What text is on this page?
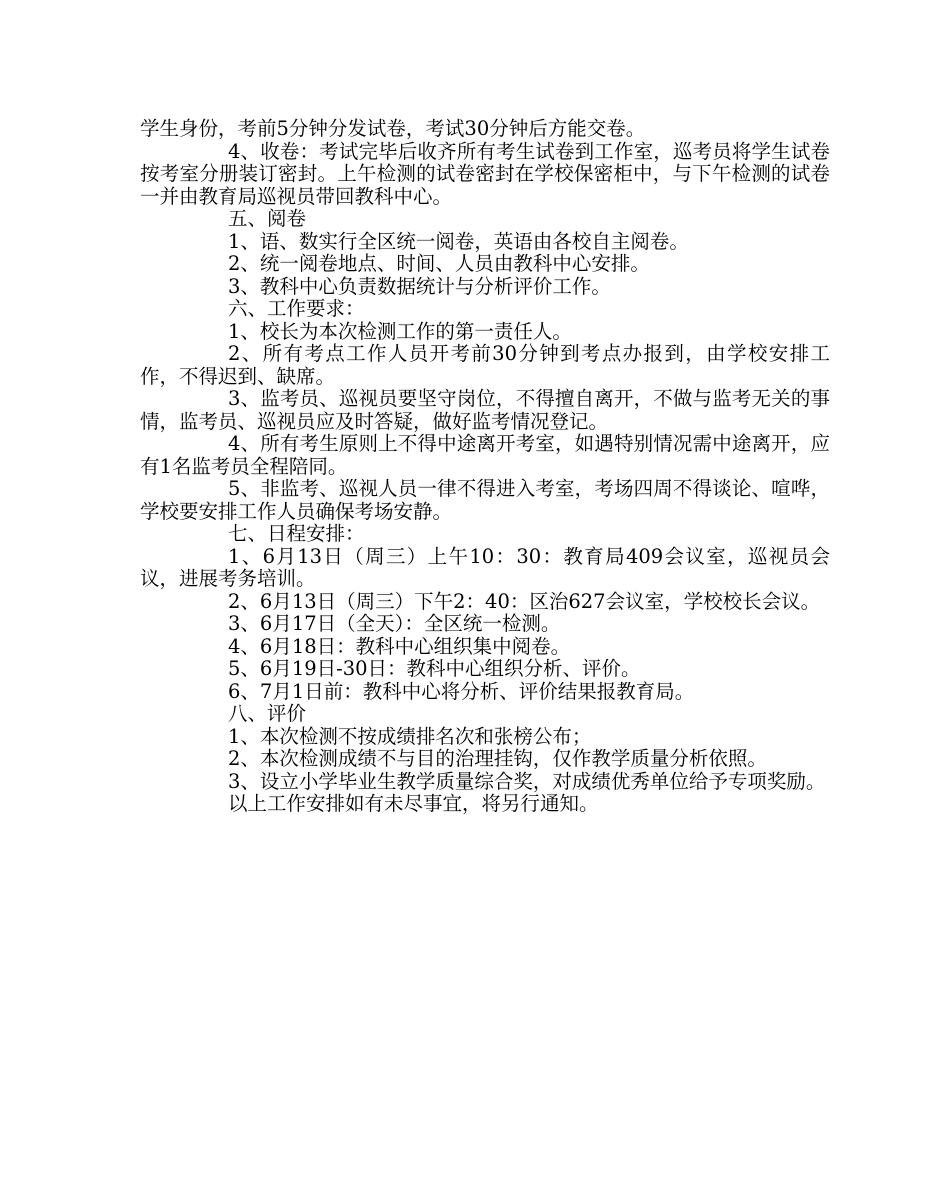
学生身份，考前5分钟分发试卷，考试30分钟后方能交卷。

4、收卷：考试完毕后收齐所有考生试卷到工作室，巡考员将学生试卷按考室分册装订密封。上午检测的试卷密封在学校保密柜中，与下午检测的试卷一并由教育局巡视员带回教科中心。

五、阅卷

1、语、数实行全区统一阅卷，英语由各校自主阅卷。

2、统一阅卷地点、时间、人员由教科中心安排。

3、教科中心负责数据统计与分析评价工作。

六、工作要求：

1、校长为本次检测工作的第一责任人。

2、所有考点工作人员开考前30分钟到考点办报到，由学校安排工作，不得迟到、缺席。

3、监考员、巡视员要坚守岗位，不得擅自离开，不做与监考无关的事情，监考员、巡视员应及时答疑，做好监考情况登记。

4、所有考生原则上不得中途离开考室，如遇特别情况需中途离开，应有1名监考员全程陪同。

5、非监考、巡视人员一律不得进入考室，考场四周不得谈论、喧哗，学校要安排工作人员确保考场安静。

七、日程安排：

1、6月13日（周三）上午10：30：教育局409会议室，巡视员会议，进展考务培训。

2、6月13日（周三）下午2：40：区治627会议室，学校校长会议。

3、6月17日（全天）：全区统一检测。

4、6月18日：教科中心组织集中阅卷。

5、6月19日-30日：教科中心组织分析、评价。

6、7月1日前：教科中心将分析、评价结果报教育局。

八、评价

1、本次检测不按成绩排名次和张榜公布；

2、本次检测成绩不与目的治理挂钩，仅作教学质量分析依照。

3、设立小学毕业生教学质量综合奖，对成绩优秀单位给予专项奖励。

以上工作安排如有未尽事宜，将另行通知。
